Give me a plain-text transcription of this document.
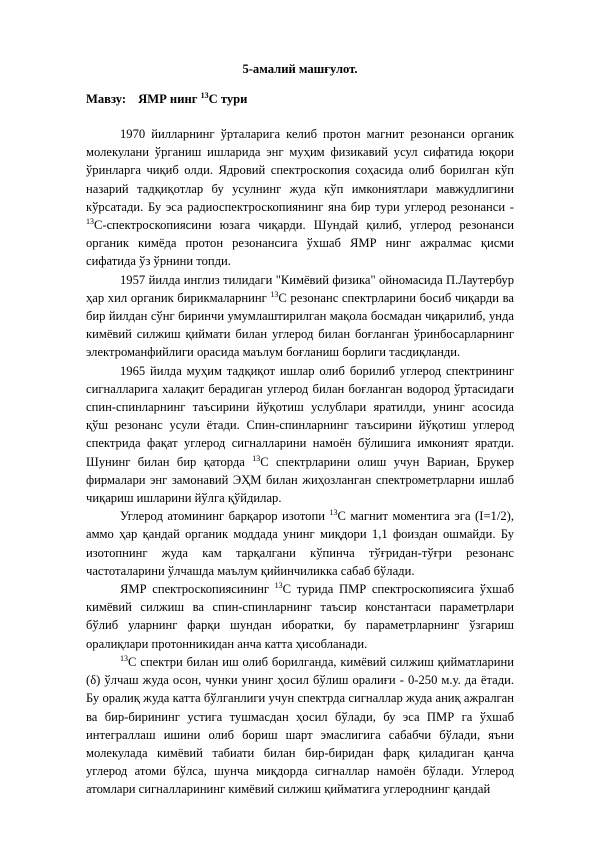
5-амалий машғулот.
Мавзу: ЯМР нинг $^{13}$С тури

1970 йилларнинг ўрталарига келиб протон магнит резонанси органик молекулани ўрганиш ишларида энг муҳим физикавий усул сифатида юқори ўринларга чиқиб олди. Ядровий спектроскопия соҳасида олиб борилган кўп назарий тадқиқотлар бу усулнинг жуда кўп имкониятлари мавжудлигини кўрсатади. Бу эса радиоспектроскопиянинг яна бир тури углерод резонанси - $^{13}$С-спектроскопиясини юзага чиқарди. Шундай қилиб, углерод резонанси органик кимёда протон резонансига ўхшаб ЯМР нинг ажралмас қисми сифатида ўз ўрнини топди.

1957 йилда инглиз тилидаги "Кимёвий физика" ойномасида П.Лаутербур ҳар хил органик бирикмаларнинг $^{13}$С резонанс спектрларини босиб чиқарди ва бир йилдан сўнг биринчи умумлаштирилган мақола босмадан чиқарилиб, унда кимёвий силжиш қиймати билан углерод билан боғланган ўринбосарларнинг электроманфийлиги орасида маълум боғланиш борлиги тасдиқланди.

1965 йилда муҳим тадқиқот ишлар олиб борилиб углерод спектрининг сигналларига халақит берадиган углерод билан боғланган водород ўртасидаги спин-спинларнинг таъсирини йўқотиш услублари яратилди, унинг асосида қўш резонанс усули ётади. Спин-спинларнинг таъсирини йўқотиш углерод спектрида фақат углерод сигналларини намоён бўлишига имконият яратди. Шунинг билан бир қаторда $^{13}$С спектрларини олиш учун Вариан, Брукер фирмалари энг замонавий ЭҲМ билан жиҳозланган спектрометрларни ишлаб чиқариш ишларини йўлга қўйдилар.

Углерод атомининг барқарор изотопи $^{13}$С магнит моментига эга (I=1/2), аммо ҳар қандай органик моддада унинг миқдори 1,1 фоиздан ошмайди. Бу изотопнинг жуда кам тарқалгани кўпинча тўғридан-тўғри резонанс частоталарини ўлчашда маълум қийинчиликка сабаб бўлади.

ЯМР спектроскопиясининг $^{13}$С турида ПМР спектроскопиясига ўхшаб кимёвий силжиш ва спин-спинларнинг таъсир константаси параметрлари бўлиб уларнинг фарқи шундан иборатки, бу параметрларнинг ўзгариш оралиқлари протонникидан анча катта ҳисобланади.

$^{13}$С спектри билан иш олиб борилганда, кимёвий силжиш қийматларини (δ) ўлчаш жуда осон, чунки унинг ҳосил бўлиш оралиғи - 0-250 м.у. да ётади. Бу оралиқ жуда катта бўлганлиги учун спектрда сигналлар жуда аниқ ажралган ва бир-бирининг устига тушмасдан ҳосил бўлади, бу эса ПМР га ўхшаб интеграллаш ишини олиб бориш шарт эмаслигига сабабчи бўлади, яъни молекулада кимёвий табиати билан бир-биридан фарқ қиладиган қанча углерод атоми бўлса, шунча миқдорда сигналлар намоён бўлади. Углерод атомлари сигналларининг кимёвий силжиш қийматига углероднинг қандай
